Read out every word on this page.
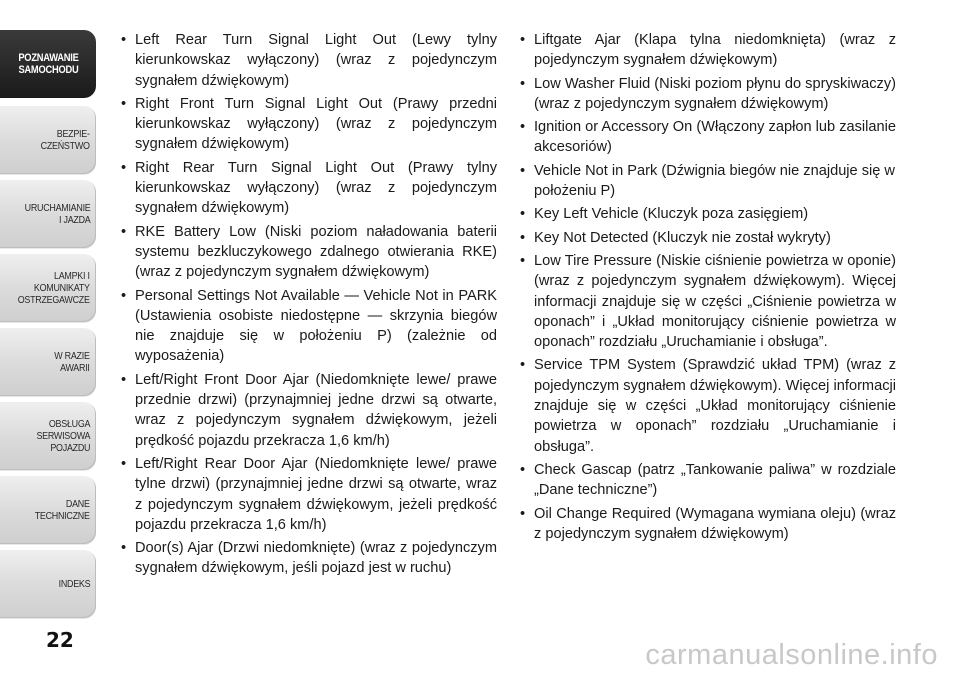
POZNAWANIE
SAMOCHODU
BEZPIE-
CZEŃSTWO
URUCHAMIANIE
I JAZDA
LAMPKI I
KOMUNIKATY
OSTRZEGAWCZE
W RAZIE
AWARII
OBSŁUGA
SERWISOWA
POJAZDU
DANE
TECHNICZNE
INDEKS
22
• Left Rear Turn Signal Light Out (Lewy tylny kierunkowskaz wyłączony) (wraz z pojedynczym sygnałem dźwiękowym)
• Right Front Turn Signal Light Out (Prawy przedni kierunkowskaz wyłączony) (wraz z pojedynczym sygnałem dźwiękowym)
• Right Rear Turn Signal Light Out (Prawy tylny kierunkowskaz wyłączony) (wraz z pojedynczym sygnałem dźwiękowym)
• RKE Battery Low (Niski poziom naładowania baterii systemu bezkluczykowego zdalnego otwierania RKE) (wraz z pojedynczym sygnałem dźwiękowym)
• Personal Settings Not Available — Vehicle Not in PARK (Ustawienia osobiste niedostępne — skrzynia biegów nie znajduje się w położeniu P) (zależnie od wyposażenia)
• Left/Right Front Door Ajar (Niedomknięte lewe/ prawe przednie drzwi) (przynajmniej jedne drzwi są otwarte, wraz z pojedynczym sygnałem dźwiękowym, jeżeli prędkość pojazdu przekracza 1,6 km/h)
• Left/Right Rear Door Ajar (Niedomknięte lewe/ prawe tylne drzwi) (przynajmniej jedne drzwi są otwarte, wraz z pojedynczym sygnałem dźwiękowym, jeżeli prędkość pojazdu przekracza 1,6 km/h)
• Door(s) Ajar (Drzwi niedomknięte) (wraz z pojedynczym sygnałem dźwiękowym, jeśli pojazd jest w ruchu)
• Liftgate Ajar (Klapa tylna niedomknięta) (wraz z pojedynczym sygnałem dźwiękowym)
• Low Washer Fluid (Niski poziom płynu do spryskiwaczy) (wraz z pojedynczym sygnałem dźwiękowym)
• Ignition or Accessory On (Włączony zapłon lub zasilanie akcesoriów)
• Vehicle Not in Park (Dźwignia biegów nie znajduje się w położeniu P)
• Key Left Vehicle (Kluczyk poza zasięgiem)
• Key Not Detected (Kluczyk nie został wykryty)
• Low Tire Pressure (Niskie ciśnienie powietrza w oponie) (wraz z pojedynczym sygnałem dźwiękowym). Więcej informacji znajduje się w części „Ciśnienie powietrza w oponach” i „Układ monitorujący ciśnienie powietrza w oponach” rozdziału „Uruchamianie i obsługa”.
• Service TPM System (Sprawdzić układ TPM) (wraz z pojedynczym sygnałem dźwiękowym). Więcej informacji znajduje się w części „Układ monitorujący ciśnienie powietrza w oponach” rozdziału „Uruchamianie i obsługa”.
• Check Gascap (patrz „Tankowanie paliwa” w rozdziale „Dane techniczne”)
• Oil Change Required (Wymagana wymiana oleju) (wraz z pojedynczym sygnałem dźwiękowym)
carmanualsonline.info
